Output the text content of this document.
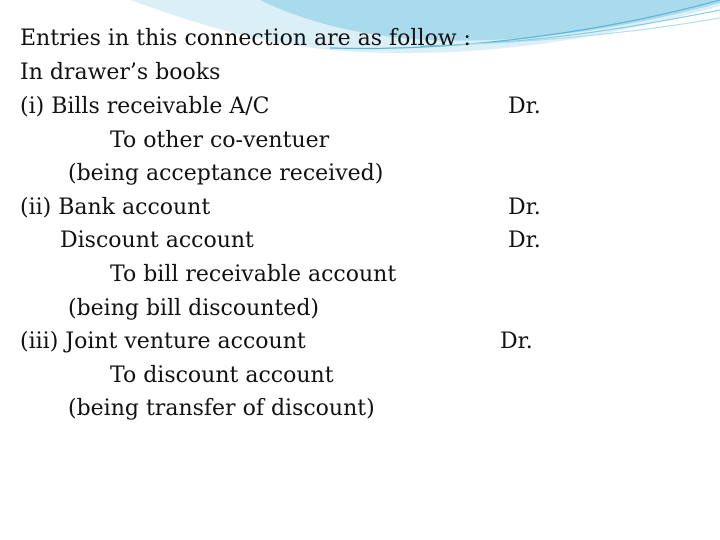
Entries in this connection are as follow :
In drawer’s books
(i) Bills receivable A/C
To other co-ventuer
(being acceptance received)
(ii) Bank account
Discount account
To bill receivable account
(being bill discounted)
(iii) Joint venture account
To discount account
(being transfer of discount)
Dr.
Dr.
Dr.
Dr.
